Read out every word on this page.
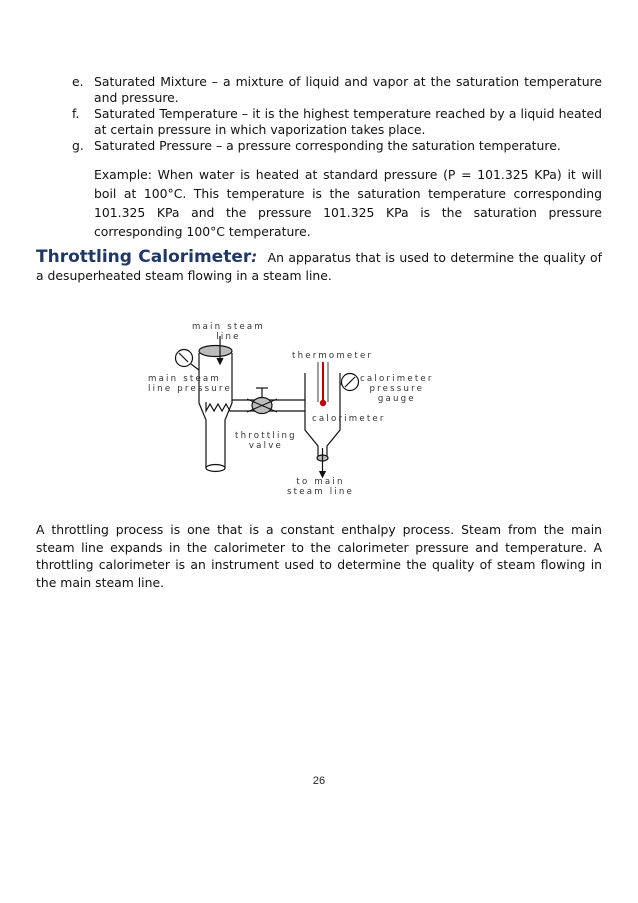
e. Saturated Mixture – a mixture of liquid and vapor at the saturation temperature and pressure.
f.	Saturated Temperature – it is the highest temperature reached by a liquid heated at certain pressure in which vaporization takes place.
g. Saturated Pressure – a pressure corresponding the saturation temperature.
Example: When water is heated at standard pressure (P = 101.325 KPa) it will boil at 100°C. This temperature is the saturation temperature corresponding 101.325 KPa and the pressure 101.325 KPa is the saturation pressure corresponding 100°C temperature.
Throttling Calorimeter: An apparatus that is used to determine the quality of a desuperheated steam flowing in a steam line.
main steam
line
thermometer
main steam
line pressure
calorimeter
pressure
gauge
calorimeter
throttling
valve
to main
steam line
A throttling process is one that is a constant enthalpy process. Steam from the main steam line expands in the calorimeter to the calorimeter pressure and temperature. A throttling calorimeter is an instrument used to determine the quality of steam flowing in the main steam line.
26
